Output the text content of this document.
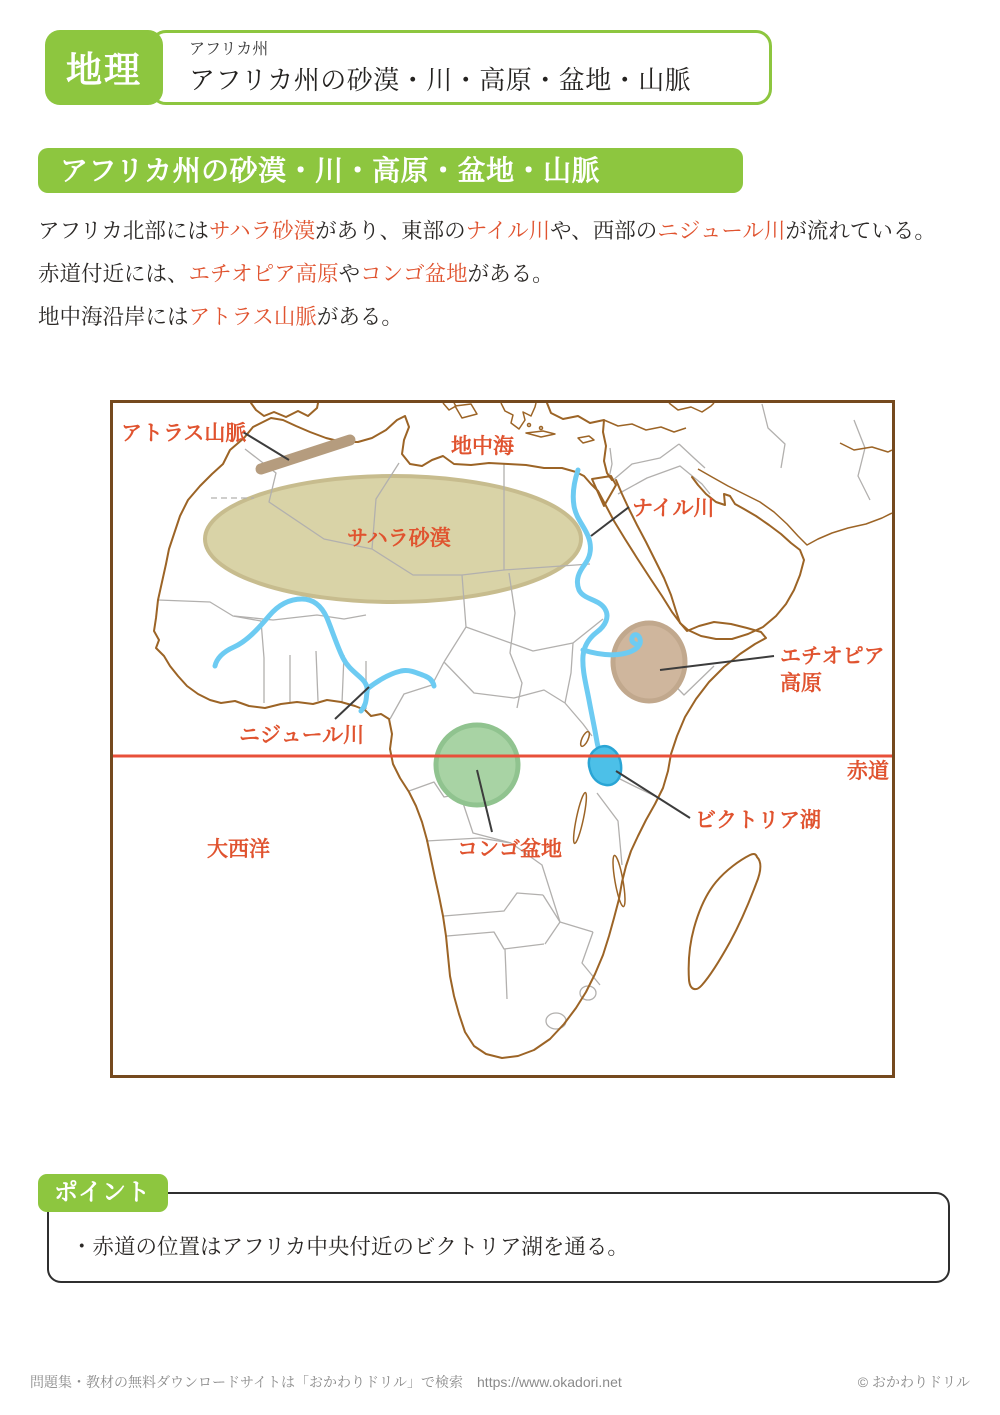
アフリカ州
アフリカ州の砂漠・川・高原・盆地・山脈
地理
アフリカ州の砂漠・川・高原・盆地・山脈

アフリカ北部にはサハラ砂漠があり、東部のナイル川や、西部のニジュール川が流れている。

赤道付近には、エチオピア高原やコンゴ盆地がある。

地中海沿岸にはアトラス山脈がある。

アトラス山脈
地中海
ナイル川
サハラ砂漠
エチオピア
高原
ニジュール川
赤道
ビクトリア湖
コンゴ盆地
大西洋
・赤道の位置はアフリカ中央付近のビクトリア湖を通る。
ポイント
問題集・教材の無料ダウンロードサイトは「おかわりドリル」で検索　https://www.okadori.net	© おかわりドリル
